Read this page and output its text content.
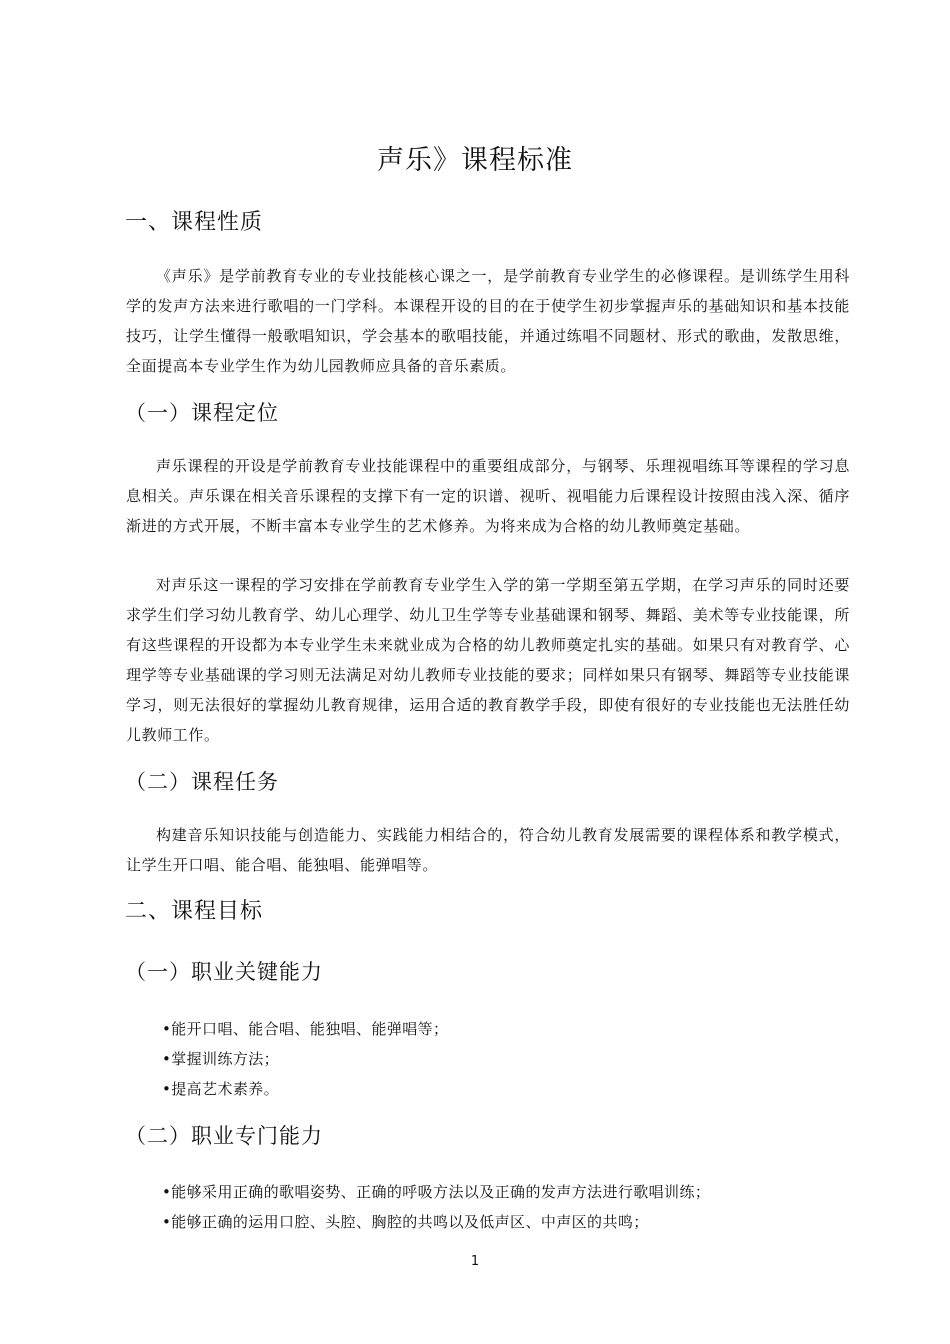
声乐》课程标准
一、课程性质

《声乐》是学前教育专业的专业技能核心课之一，是学前教育专业学生的必修课程。是训练学生用科学的发声方法来进行歌唱的一门学科。本课程开设的目的在于使学生初步掌握声乐的基础知识和基本技能技巧，让学生懂得一般歌唱知识，学会基本的歌唱技能，并通过练唱不同题材、形式的歌曲，发散思维，全面提高本专业学生作为幼儿园教师应具备的音乐素质。

（一）课程定位

声乐课程的开设是学前教育专业技能课程中的重要组成部分，与钢琴、乐理视唱练耳等课程的学习息息相关。声乐课在相关音乐课程的支撑下有一定的识谱、视听、视唱能力后课程设计按照由浅入深、循序渐进的方式开展，不断丰富本专业学生的艺术修养。为将来成为合格的幼儿教师奠定基础。

对声乐这一课程的学习安排在学前教育专业学生入学的第一学期至第五学期，在学习声乐的同时还要求学生们学习幼儿教育学、幼儿心理学、幼儿卫生学等专业基础课和钢琴、舞蹈、美术等专业技能课，所有这些课程的开设都为本专业学生未来就业成为合格的幼儿教师奠定扎实的基础。如果只有对教育学、心理学等专业基础课的学习则无法满足对幼儿教师专业技能的要求；同样如果只有钢琴、舞蹈等专业技能课学习，则无法很好的掌握幼儿教育规律，运用合适的教育教学手段，即使有很好的专业技能也无法胜任幼儿教师工作。

（二）课程任务

构建音乐知识技能与创造能力、实践能力相结合的，符合幼儿教育发展需要的课程体系和教学模式，让学生开口唱、能合唱、能独唱、能弹唱等。

二、课程目标
（一）职业关键能力
•能开口唱、能合唱、能独唱、能弹唱等；
•掌握训练方法；
•提高艺术素养。
（二）职业专门能力
•能够采用正确的歌唱姿势、正确的呼吸方法以及正确的发声方法进行歌唱训练；
•能够正确的运用口腔、头腔、胸腔的共鸣以及低声区、中声区的共鸣；
1
